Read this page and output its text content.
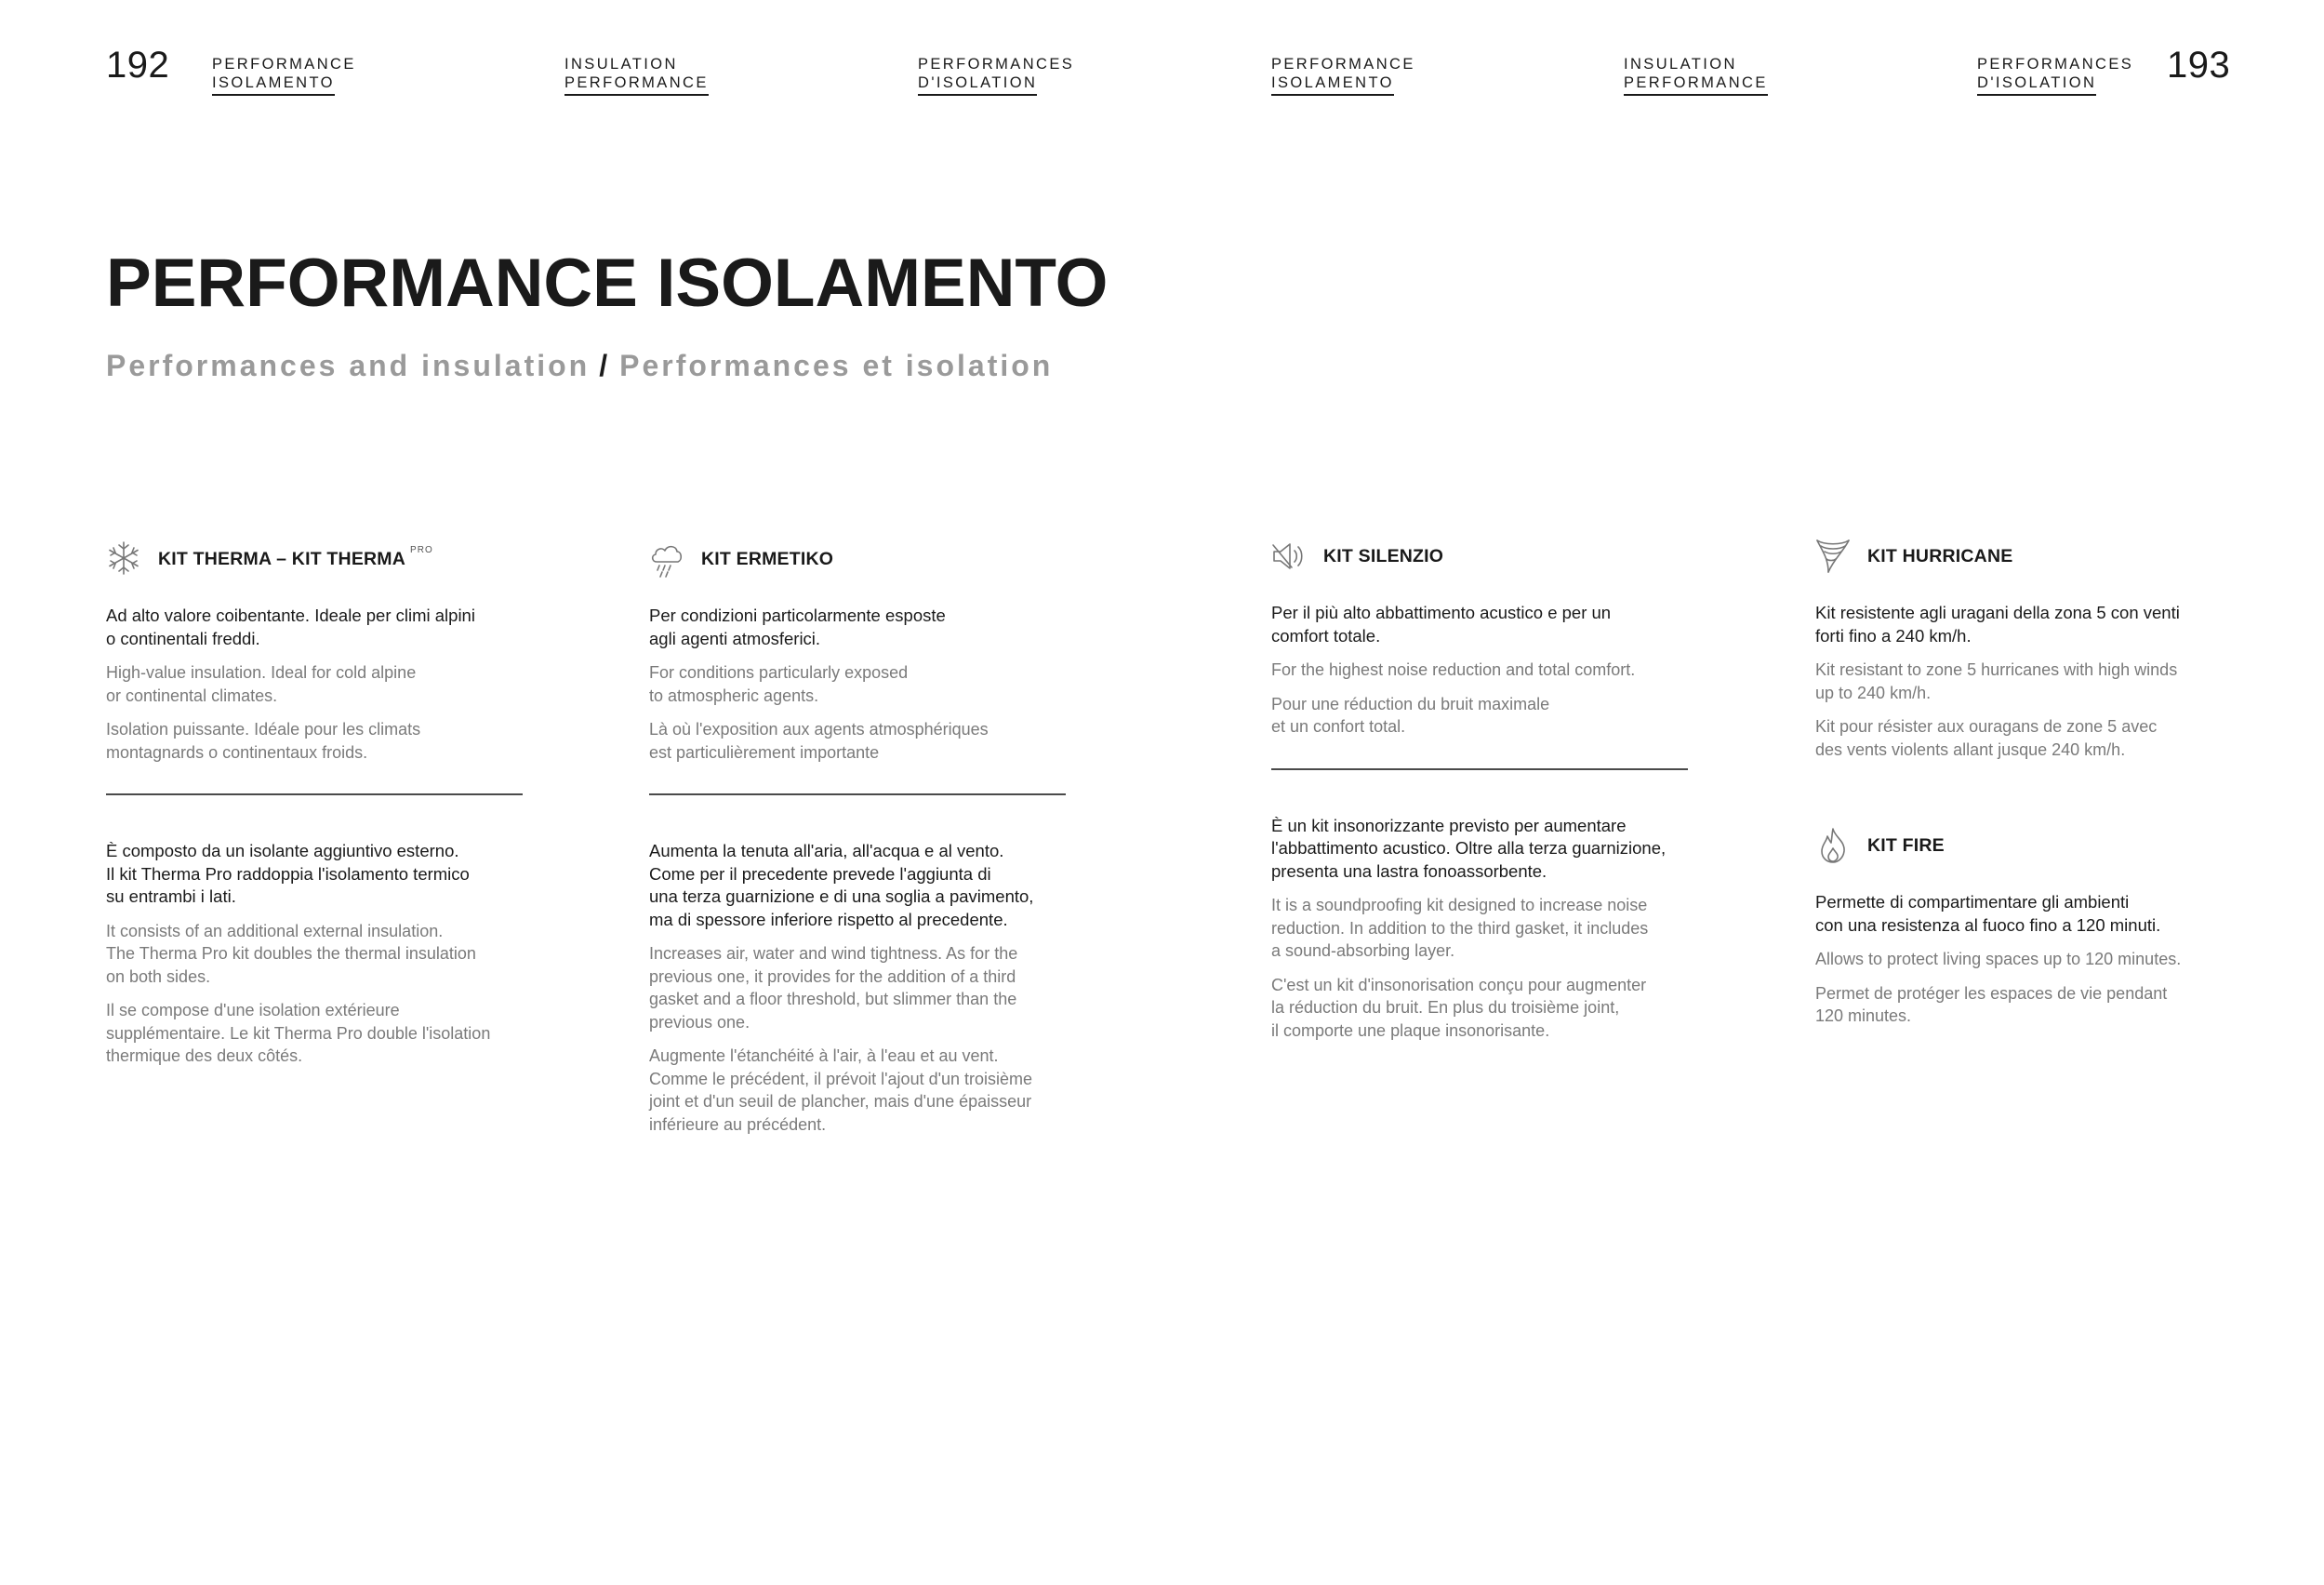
192	193
PERFORMANCE
ISOLAMENTO
INSULATION
PERFORMANCE
PERFORMANCES
D'ISOLATION
PERFORMANCE
ISOLAMENTO
INSULATION
PERFORMANCE
PERFORMANCES
D'ISOLATION
PERFORMANCE ISOLAMENTO
Performances and insulation / Performances et isolation
KIT THERMA – KIT THERMA $^{PRO}$

Ad alto valore coibentante. Ideale per climi alpini
o continentali freddi.

High-value insulation. Ideal for cold alpine
or continental climates.

Isolation puissante. Idéale pour les climats
montagnards o continentaux froids.

È composto da un isolante aggiuntivo esterno.
Il kit Therma Pro raddoppia l'isolamento termico
su entrambi i lati.

It consists of an additional external insulation.
The Therma Pro kit doubles the thermal insulation
on both sides.

Il se compose d'une isolation extérieure
supplémentaire. Le kit Therma Pro double l'isolation
thermique des deux côtés.

KIT ERMETIKO

Per condizioni particolarmente esposte
agli agenti atmosferici.

For conditions particularly exposed
to atmospheric agents.

Là où l'exposition aux agents atmosphériques
est particulièrement importante

Aumenta la tenuta all'aria, all'acqua e al vento.
Come per il precedente prevede l'aggiunta di
una terza guarnizione e di una soglia a pavimento,
ma di spessore inferiore rispetto al precedente.

Increases air, water and wind tightness. As for the
previous one, it provides for the addition of a third
gasket and a floor threshold, but slimmer than the
previous one.

Augmente l'étanchéité à l'air, à l'eau et au vent.
Comme le précédent, il prévoit l'ajout d'un troisième
joint et d'un seuil de plancher, mais d'une épaisseur
inférieure au précédent.

KIT SILENZIO

Per il più alto abbattimento acustico e per un
comfort totale.

For the highest noise reduction and total comfort.

Pour une réduction du bruit maximale
et un confort total.

È un kit insonorizzante previsto per aumentare
l'abbattimento acustico. Oltre alla terza guarnizione,
presenta una lastra fonoassorbente.

It is a soundproofing kit designed to increase noise
reduction. In addition to the third gasket, it includes
a sound-absorbing layer.

C'est un kit d'insonorisation conçu pour augmenter
la réduction du bruit. En plus du troisième joint,
il comporte une plaque insonorisante.

KIT HURRICANE

Kit resistente agli uragani della zona 5 con venti
forti fino a 240 km/h.

Kit resistant to zone 5 hurricanes with high winds
up to 240 km/h.

Kit pour résister aux ouragans de zone 5 avec
des vents violents allant jusque 240 km/h.

KIT FIRE

Permette di compartimentare gli ambienti
con una resistenza al fuoco fino a 120 minuti.

Allows to protect living spaces up to 120 minutes.

Permet de protéger les espaces de vie pendant
120 minutes.
